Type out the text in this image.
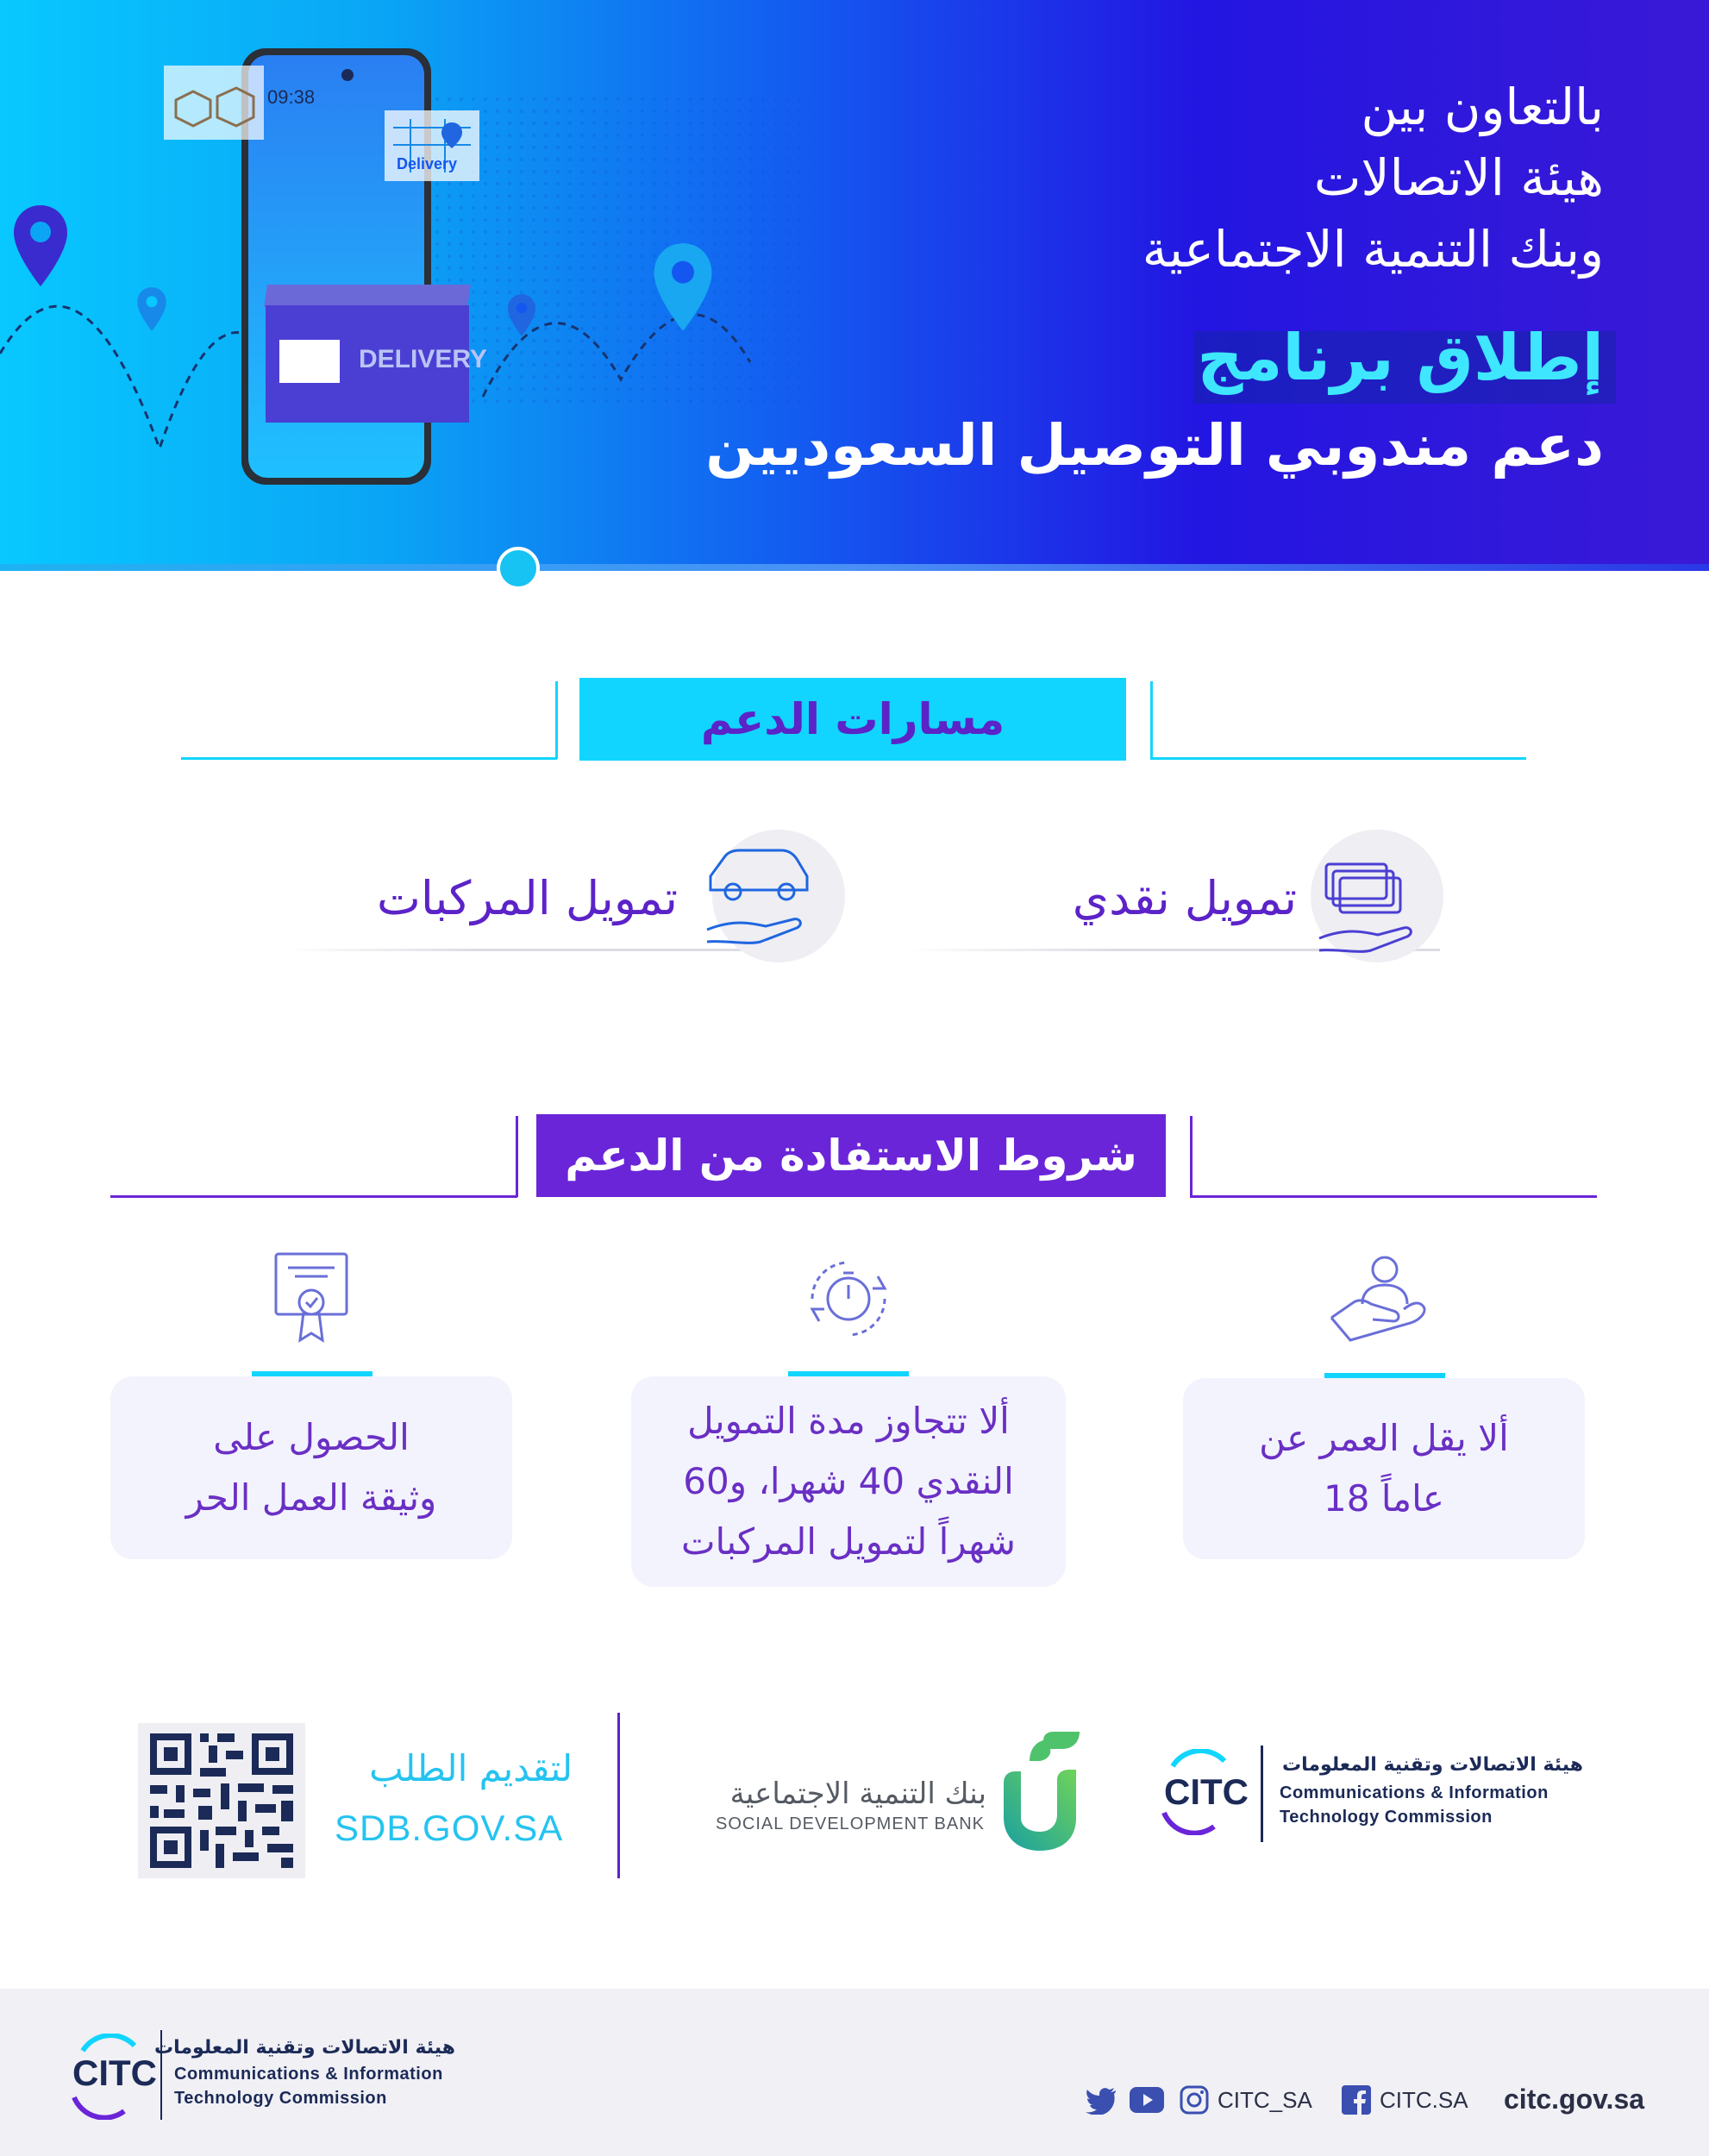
09:38
DELIVERY
Delivery
بالتعاون بين
هيئة الاتصالات
وبنك التنمية الاجتماعية
إطلاق برنامج
دعم مندوبي التوصيل السعوديين
مسارات الدعم
تمويل نقدي
تمويل المركبات
شروط الاستفادة من الدعم
ألا يقل العمر عن
18 عاماً
ألا تتجاوز مدة التمويل
النقدي 40 شهرا، و60
شهراً لتمويل المركبات
الحصول على
وثيقة العمل الحر
CITC
هيئة الاتصالات وتقنية المعلومات
Communications & Information
Technology Commission
بنك التنمية الاجتماعية
SOCIAL DEVELOPMENT BANK
لتقديم الطلب
SDB.GOV.SA
CITC
هيئة الاتصالات وتقنية المعلومات
Communications & Information
Technology Commission	CITC_SA	CITC.SA citc.gov.sa
